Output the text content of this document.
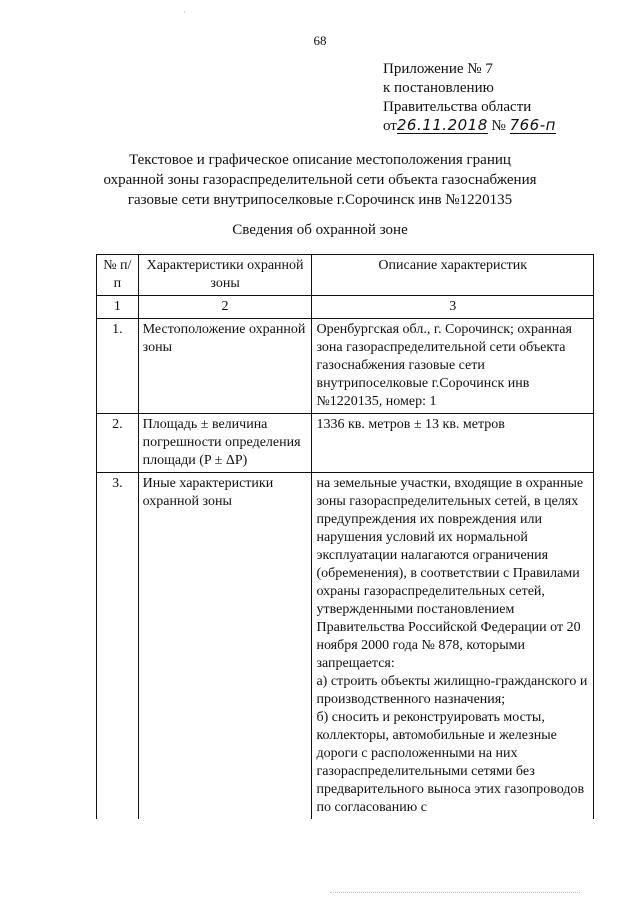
·
68
Приложение № 7
к постановлению
Правительства области
от26.11.2018 № 766-п
Текстовое и графическое описание местоположения границ
охранной зоны газораспределительной сети объекта газоснабжения
газовые сети внутрипоселковые г.Сорочинск инв №1220135
Сведения об охранной зоне
№ п/п	Характеристики охранной зоны	Описание характеристик
1	2	3
1.	Местоположение охранной зоны	Оренбургская обл., г. Сорочинск; охранная зона газораспределительной сети объекта газоснабжения газовые сети внутрипоселковые г.Сорочинск инв №1220135, номер: 1
2.	Площадь ± величина погрешности определения площади (P ± ΔP)	1336 кв. метров ± 13 кв. метров
3.	Иные характеристики охранной зоны	на земельные участки, входящие в охранные зоны газораспределительных сетей, в целях предупреждения их повреждения или нарушения условий их нормальной эксплуатации налагаются ограничения (обременения), в соответствии с Правилами охраны газораспределительных сетей, утвержденными постановлением Правительства Российской Федерации от 20 ноября 2000 года № 878, которыми запрещается:
а) строить объекты жилищно-гражданского и производственного назначения;
б) сносить и реконструировать мосты, коллекторы, автомобильные и железные дороги с расположенными на них газораспределительными сетями без предварительного выноса этих газопроводов по согласованию с
